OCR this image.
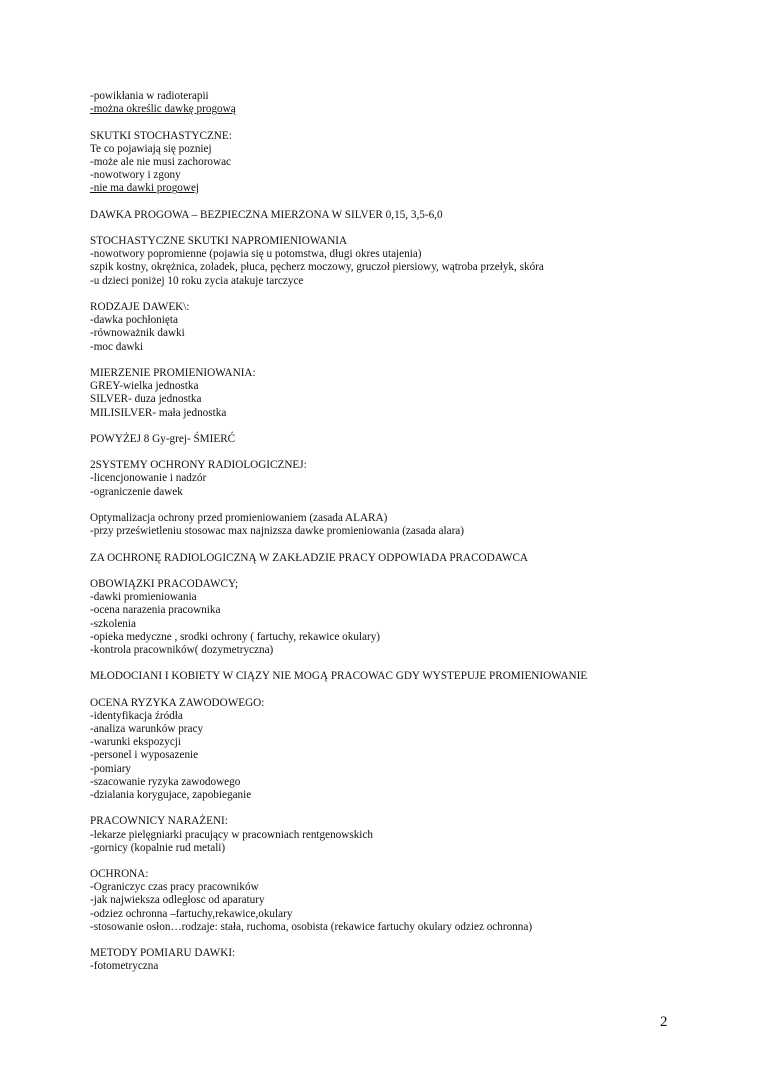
-powikłania w radioterapii
-można określic dawkę progową
SKUTKI STOCHASTYCZNE:
Te co pojawiają się pozniej
-może ale nie musi zachorowac
-nowotwory i zgony
-nie ma dawki progowej
DAWKA PROGOWA – BEZPIECZNA MIERZONA W SILVER 0,15, 3,5-6,0
STOCHASTYCZNE SKUTKI NAPROMIENIOWANIA
-nowotwory popromienne (pojawia się u potomstwa, długi okres utajenia)
szpik kostny, okrężnica, zoladek, płuca, pęcherz moczowy, gruczoł piersiowy, wątroba przełyk, skóra
-u dzieci poniżej 10 roku zycia atakuje tarczyce
RODZAJE DAWEK\:
-dawka pochłonięta
-równoważnik dawki
-moc dawki
MIERZENIE PROMIENIOWANIA:
GREY-wielka jednostka
SILVER- duza jednostka
MILISILVER- mała jednostka
POWYŻEJ 8 Gy-grej- ŚMIERĆ
2SYSTEMY OCHRONY RADIOLOGICZNEJ:
-licencjonowanie i nadzór
-ograniczenie dawek
Optymalizacja ochrony przed promieniowaniem (zasada ALARA)
-przy prześwietleniu stosowac max najnizsza dawke promieniowania (zasada alara)
ZA OCHRONĘ RADIOLOGICZNĄ W ZAKŁADZIE PRACY ODPOWIADA PRACODAWCA
OBOWIĄZKI PRACODAWCY;
-dawki promieniowania
-ocena narazenia pracownika
-szkolenia
-opieka medyczne , srodki ochrony ( fartuchy, rekawice okulary)
-kontrola pracowników( dozymetryczna)
MŁODOCIANI I KOBIETY W CIĄZY NIE MOGĄ PRACOWAC GDY WYSTEPUJE PROMIENIOWANIE
OCENA RYZYKA ZAWODOWEGO:
-identyfikacja źródła
-analiza warunków pracy
-warunki ekspozycji
-personel i wyposazenie
-pomiary
-szacowanie ryzyka zawodowego
-dzialania korygujace, zapobieganie
PRACOWNICY NARAŻENI:
-lekarze pielęgniarki pracujący w pracowniach rentgenowskich
-gornicy (kopalnie rud metali)
OCHRONA:
-Ograniczyc czas pracy pracowników
-jak najwieksza odległosc od aparatury
-odziez ochronna –fartuchy,rekawice,okulary
-stosowanie osłon…rodzaje: stała, ruchoma, osobista (rekawice fartuchy okulary odziez ochronna)
METODY POMIARU DAWKI:
-fotometryczna
2
